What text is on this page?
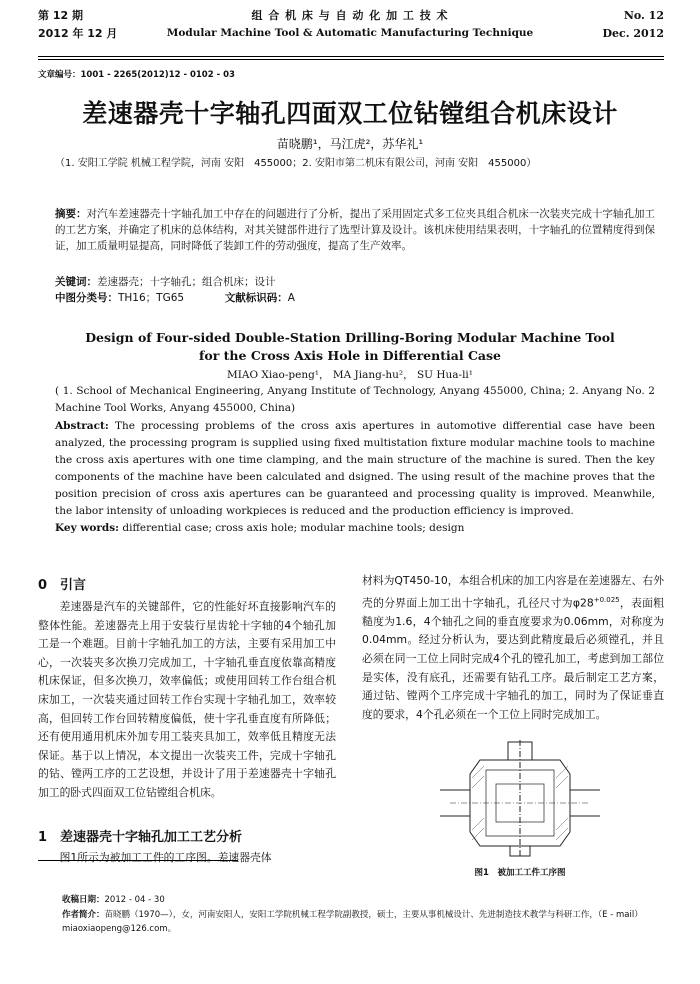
第 12 期
2012 年 12 月
组 合 机 床 与 自 动 化 加 工 技 术
Modular Machine Tool & Automatic Manufacturing Technique
No. 12
Dec. 2012
文章编号：1001 - 2265(2012)12 - 0102 - 03
差速器壳十字轴孔四面双工位钻镗组合机床设计
苗晓鹏¹，马江虎²，苏华礼¹
（1. 安阳工学院 机械工程学院，河南 安阳　455000；2. 安阳市第二机床有限公司，河南 安阳　455000）
摘要：对汽车差速器壳十字轴孔加工中存在的问题进行了分析，提出了采用固定式多工位夹具组合机床一次装夹完成十字轴孔加工的工艺方案，并确定了机床的总体结构，对其关键部件进行了选型计算及设计。该机床使用结果表明，十字轴孔的位置精度得到保证，加工质量明显提高，同时降低了装卸工件的劳动强度，提高了生产效率。
关键词：差速器壳；十字轴孔；组合机床；设计
中图分类号：TH16；TG65	文献标识码：A
Design of Four-sided Double-Station Drilling-Boring Modular Machine Tool
for the Cross Axis Hole in Differential Case
MIAO Xiao-peng¹， MA Jiang-hu²， SU Hua-li¹
( 1. School of Mechanical Engineering, Anyang Institute of Technology, Anyang 455000, China; 2. Anyang No. 2 Machine Tool Works, Anyang 455000, China)
Abstract: The processing problems of the cross axis apertures in automotive differential case have been analyzed, the processing program is supplied using fixed multistation fixture modular machine tools to machine the cross axis apertures with one time clamping, and the main structure of the machine is sured. Then the key components of the machine have been calculated and dsigned. The using result of the machine proves that the position precision of cross axis apertures can be guaranteed and processing quality is improved. Meanwhile, the labor intensity of unloading workpieces is reduced and the production efficiency is improved.
Key words: differential case; cross axis hole; modular machine tools; design
0　引言

差速器是汽车的关键部件，它的性能好坏直接影响汽车的整体性能。差速器壳上用于安装行星齿轮十字轴的4个轴孔加工是一个难题。目前十字轴孔加工的方法，主要有采用加工中心，一次装夹多次换刀完成加工，十字轴孔垂直度依靠高精度机床保证，但多次换刀，效率偏低；或使用回转工作台组合机床加工，一次装夹通过回转工作台实现十字轴孔加工，效率较高，但回转工作台回转精度偏低，使十字孔垂直度有所降低；还有使用通用机床外加专用工装夹具加工，效率低且精度无法保证。基于以上情况，本文提出一次装夹工件，完成十字轴孔的钻、镗两工序的工艺设想，并设计了用于差速器壳十字轴孔加工的卧式四面双工位钻镗组合机床。

1　差速器壳十字轴孔加工工艺分析

图1所示为被加工工件的工序图。差速器壳体

材料为QT450-10，本组合机床的加工内容是在差速器左、右外壳的分界面上加工出十字轴孔，孔径尺寸为$\varphi 28^{+0.025}$，表面粗糙度为1.6，4个轴孔之间的垂直度要求为0.06mm，对称度为0.04mm。经过分析认为，要达到此精度最后必须镗孔，并且必须在同一工位上同时完成4个孔的镗孔加工，考虑到加工部位是实体，没有底孔，还需要有钻孔工序。最后制定工艺方案，通过钻、镗两个工序完成十字轴孔的加工，同时为了保证垂直度的要求，4个孔必须在一个工位上同时完成加工。
图1　被加工工件工序图
收稿日期：2012 - 04 - 30
作者简介：苗晓鹏（1970—），女，河南安阳人，安阳工学院机械工程学院副教授，硕士，主要从事机械设计、先进制造技术教学与科研工作，（E - mail）miaoxiaopeng@126.com。
